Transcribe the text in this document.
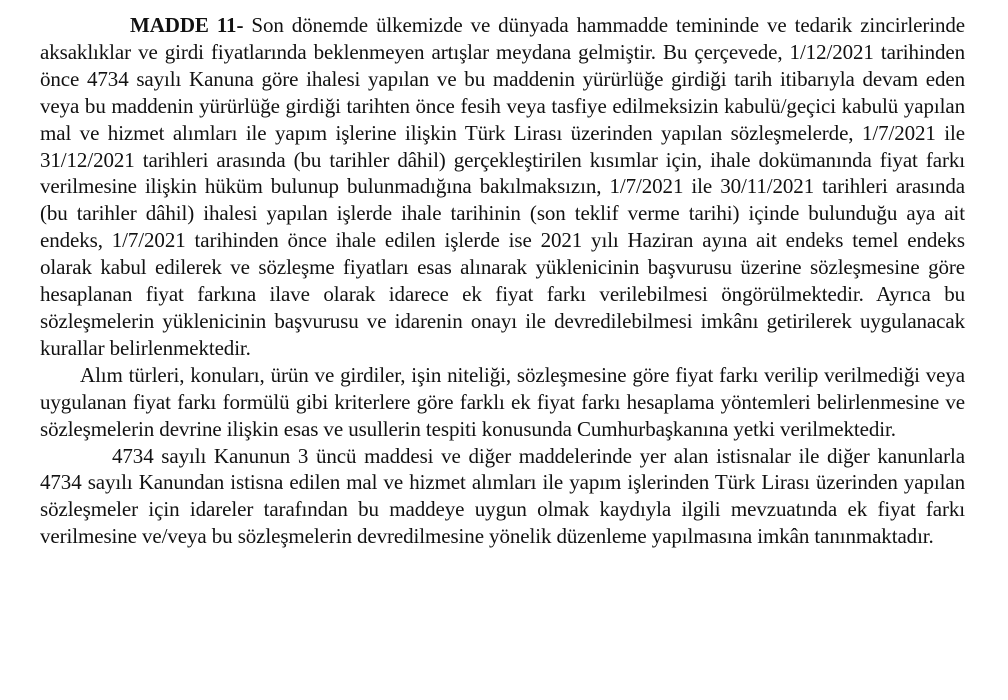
MADDE 11- Son dönemde ülkemizde ve dünyada hammadde temininde ve tedarik zincirlerinde aksaklıklar ve girdi fiyatlarında beklenmeyen artışlar meydana gelmiştir. Bu çerçevede, 1/12/2021 tarihinden önce 4734 sayılı Kanuna göre ihalesi yapılan ve bu maddenin yürürlüğe girdiği tarih itibarıyla devam eden veya bu maddenin yürürlüğe girdiği tarihten önce fesih veya tasfiye edilmeksizin kabulü/geçici kabulü yapılan mal ve hizmet alımları ile yapım işlerine ilişkin Türk Lirası üzerinden yapılan sözleşmelerde, 1/7/2021 ile 31/12/2021 tarihleri arasında (bu tarihler dâhil) gerçekleştirilen kısımlar için, ihale dokümanında fiyat farkı verilmesine ilişkin hüküm bulunup bulunmadığına bakılmaksızın, 1/7/2021 ile 30/11/2021 tarihleri arasında (bu tarihler dâhil) ihalesi yapılan işlerde ihale tarihinin (son teklif verme tarihi) içinde bulunduğu aya ait endeks, 1/7/2021 tarihinden önce ihale edilen işlerde ise 2021 yılı Haziran ayına ait endeks temel endeks olarak kabul edilerek ve sözleşme fiyatları esas alınarak yüklenicinin başvurusu üzerine sözleşmesine göre hesaplanan fiyat farkına ilave olarak idarece ek fiyat farkı verilebilmesi öngörülmektedir. Ayrıca bu sözleşmelerin yüklenicinin başvurusu ve idarenin onayı ile devredilebilmesi imkânı getirilerek uygulanacak kurallar belirlenmektedir.

Alım türleri, konuları, ürün ve girdiler, işin niteliği, sözleşmesine göre fiyat farkı verilip verilmediği veya uygulanan fiyat farkı formülü gibi kriterlere göre farklı ek fiyat farkı hesaplama yöntemleri belirlenmesine ve sözleşmelerin devrine ilişkin esas ve usullerin tespiti konusunda Cumhurbaşkanına yetki verilmektedir.

4734 sayılı Kanunun 3 üncü maddesi ve diğer maddelerinde yer alan istisnalar ile diğer kanunlarla 4734 sayılı Kanundan istisna edilen mal ve hizmet alımları ile yapım işlerinden Türk Lirası üzerinden yapılan sözleşmeler için idareler tarafından bu maddeye uygun olmak kaydıyla ilgili mevzuatında ek fiyat farkı verilmesine ve/veya bu sözleşmelerin devredilmesine yönelik düzenleme yapılmasına imkân tanınmaktadır.
